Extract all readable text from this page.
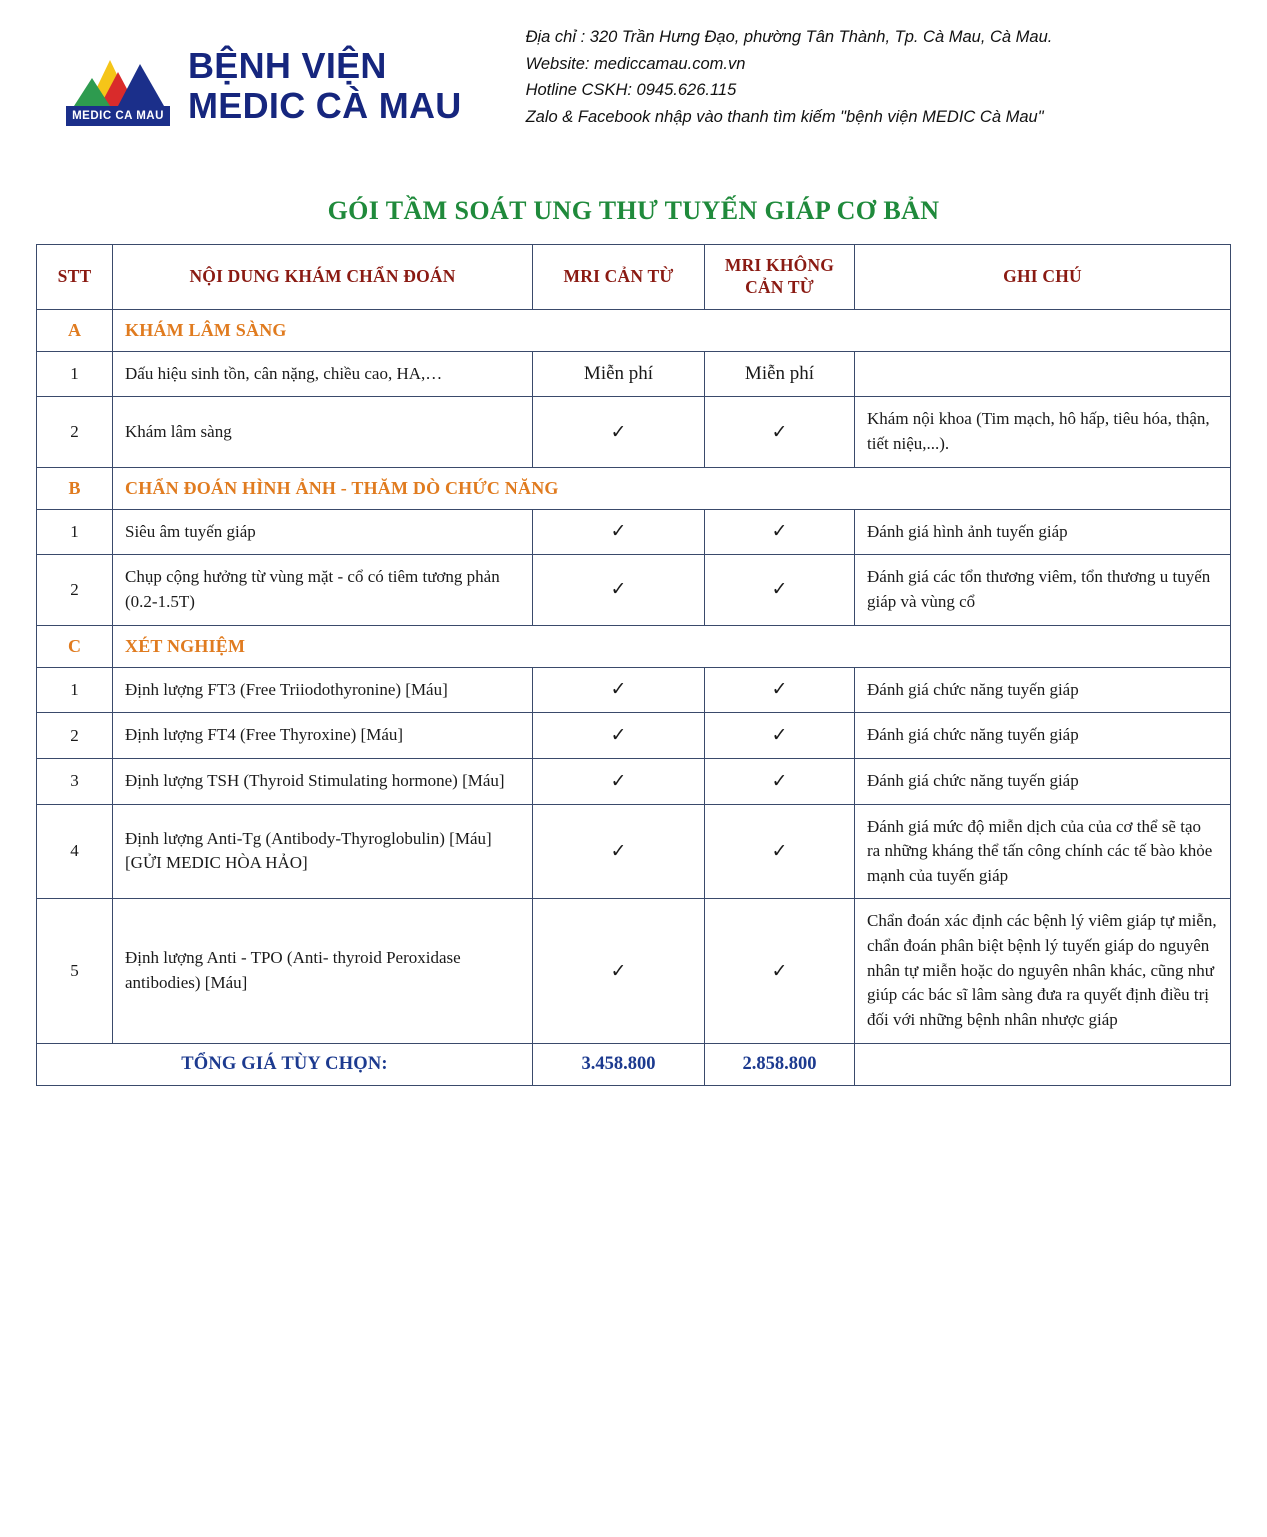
MEDIC CA MAU
BỆNH VIỆN
MEDIC CÀ MAU
Địa chỉ : 320 Trần Hưng Đạo, phường Tân Thành, Tp. Cà Mau, Cà Mau.
Website: mediccamau.com.vn
Hotline CSKH: 0945.626.115
Zalo & Facebook nhập vào thanh tìm kiếm "bệnh viện MEDIC Cà Mau"
GÓI TẦM SOÁT UNG THƯ TUYẾN GIÁP CƠ BẢN
STT	NỘI DUNG KHÁM CHẨN ĐOÁN	MRI CẢN TỪ	MRI KHÔNG CẢN TỪ	GHI CHÚ
A	KHÁM LÂM SÀNG			
1	Dấu hiệu sinh tồn, cân nặng, chiều cao, HA,…	Miễn phí	Miễn phí	
2	Khám lâm sàng	✓	✓	Khám nội khoa (Tim mạch, hô hấp, tiêu hóa, thận, tiết niệu,...).
B	CHẨN ĐOÁN HÌNH ẢNH - THĂM DÒ CHỨC NĂNG			
1	Siêu âm tuyến giáp	✓	✓	Đánh giá hình ảnh tuyến giáp
2	Chụp cộng hưởng từ vùng mặt - cổ có tiêm tương phản (0.2-1.5T)	✓	✓	Đánh giá các tổn thương viêm, tổn thương u tuyến giáp và vùng cổ
C	XÉT NGHIỆM			
1	Định lượng FT3 (Free Triiodothyronine) [Máu]	✓	✓	Đánh giá chức năng tuyến giáp
2	Định lượng FT4 (Free Thyroxine) [Máu]	✓	✓	Đánh giá chức năng tuyến giáp
3	Định lượng TSH (Thyroid Stimulating hormone) [Máu]	✓	✓	Đánh giá chức năng tuyến giáp
4	Định lượng Anti-Tg (Antibody-Thyroglobulin) [Máu] [GỬI MEDIC HÒA HẢO]	✓	✓	Đánh giá mức độ miễn dịch của của cơ thể sẽ tạo ra những kháng thể tấn công chính các tế bào khỏe mạnh của tuyến giáp
5	Định lượng Anti - TPO (Anti- thyroid Peroxidase antibodies) [Máu]	✓	✓	Chẩn đoán xác định các bệnh lý viêm giáp tự miễn, chẩn đoán phân biệt bệnh lý tuyến giáp do nguyên nhân tự miễn hoặc do nguyên nhân khác, cũng như giúp các bác sĩ lâm sàng đưa ra quyết định điều trị đối với những bệnh nhân nhược giáp
TỔNG GIÁ TÙY CHỌN:		3.458.800	2.858.800	
